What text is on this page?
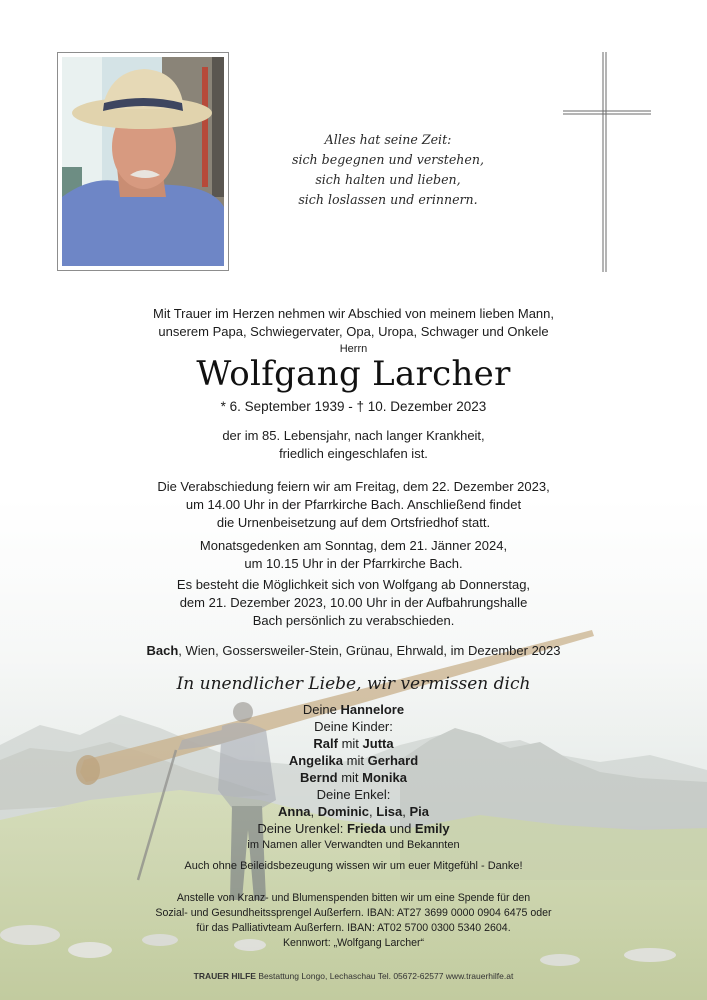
Alles hat seine Zeit:
sich begegnen und verstehen,
sich halten und lieben,
sich loslassen und erinnern.
Mit Trauer im Herzen nehmen wir Abschied von meinem lieben Mann,
unserem Papa, Schwiegervater, Opa, Uropa, Schwager und Onkele
Herrn
Wolfgang Larcher
* 6. September 1939 - † 10. Dezember 2023
der im 85. Lebensjahr, nach langer Krankheit,
friedlich eingeschlafen ist.
Die Verabschiedung feiern wir am Freitag, dem 22. Dezember 2023,
um 14.00 Uhr in der Pfarrkirche Bach. Anschließend findet
die Urnenbeisetzung auf dem Ortsfriedhof statt.
Monatsgedenken am Sonntag, dem 21. Jänner 2024,
um 10.15 Uhr in der Pfarrkirche Bach.
Es besteht die Möglichkeit sich von Wolfgang ab Donnerstag,
dem 21. Dezember 2023, 10.00 Uhr in der Aufbahrungshalle
Bach persönlich zu verabschieden.
Bach, Wien, Gossersweiler-Stein, Grünau, Ehrwald, im Dezember 2023
In unendlicher Liebe, wir vermissen dich
Deine Hannelore
Deine Kinder:
Ralf mit Jutta
Angelika mit Gerhard
Bernd mit Monika
Deine Enkel:
Anna, Dominic, Lisa, Pia
Deine Urenkel: Frieda und Emily
im Namen aller Verwandten und Bekannten
Auch ohne Beileidsbezeugung wissen wir um euer Mitgefühl - Danke!
Anstelle von Kranz- und Blumenspenden bitten wir um eine Spende für den
Sozial- und Gesundheitssprengel Außerfern. IBAN: AT27 3699 0000 0904 6475 oder
für das Palliativteam Außerfern. IBAN: AT02 5700 0300 5340 2604.
Kennwort: „Wolfgang Larcher“
TRAUER HILFE Bestattung Longo, Lechaschau Tel. 05672-62577 www.trauerhilfe.at
